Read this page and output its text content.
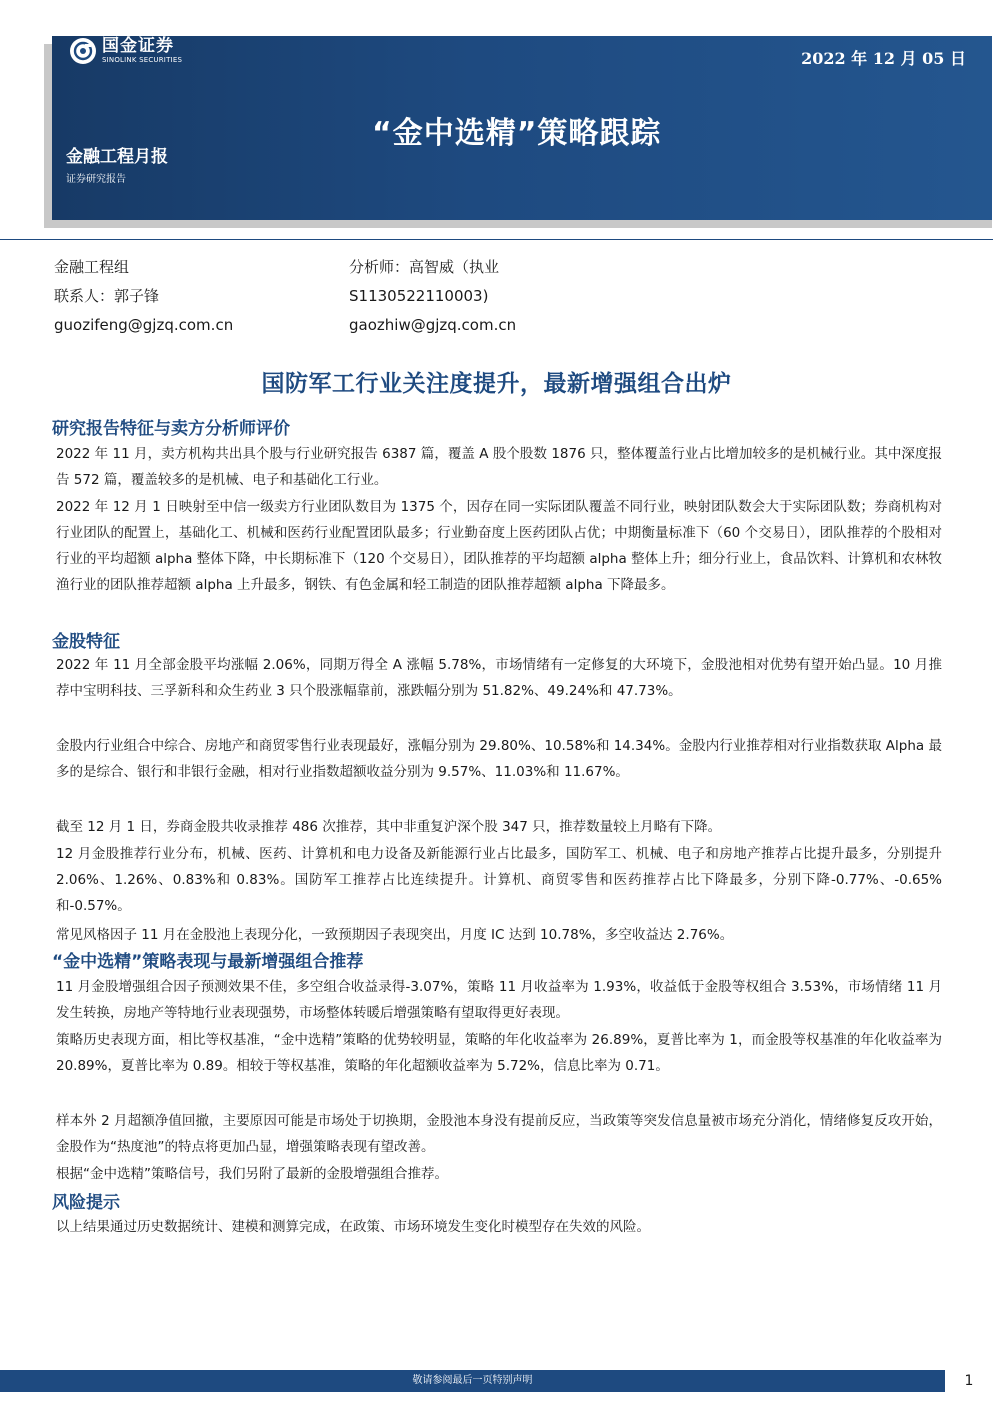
国金证券
SINOLINK SECURITIES	2022 年 12 月 05 日
“金中选精”策略跟踪
金融工程月报
证券研究报告
金融工程组
联系人：郭子锋
guozifeng@gjzq.com.cn
分析师：高智威（执业
S1130522110003)
gaozhiw@gjzq.com.cn
国防军工行业关注度提升，最新增强组合出炉
研究报告特征与卖方分析师评价
2022 年 11 月，卖方机构共出具个股与行业研究报告 6387 篇，覆盖 A 股个股数 1876 只，整体覆盖行业占比增加较多的是机械行业。其中深度报告 572 篇，覆盖较多的是机械、电子和基础化工行业。
2022 年 12 月 1 日映射至中信一级卖方行业团队数目为 1375 个，因存在同一实际团队覆盖不同行业，映射团队数会大于实际团队数；券商机构对行业团队的配置上，基础化工、机械和医药行业配置团队最多；行业勤奋度上医药团队占优；中期衡量标准下（60 个交易日），团队推荐的个股相对行业的平均超额 alpha 整体下降，中长期标准下（120 个交易日），团队推荐的平均超额 alpha 整体上升；细分行业上，食品饮料、计算机和农林牧渔行业的团队推荐超额 alpha 上升最多，钢铁、有色金属和轻工制造的团队推荐超额 alpha 下降最多。
金股特征
2022 年 11 月全部金股平均涨幅 2.06%，同期万得全 A 涨幅 5.78%，市场情绪有一定修复的大环境下，金股池相对优势有望开始凸显。10 月推荐中宝明科技、三孚新科和众生药业 3 只个股涨幅靠前，涨跌幅分别为 51.82%、49.24%和 47.73%。
金股内行业组合中综合、房地产和商贸零售行业表现最好，涨幅分别为 29.80%、10.58%和 14.34%。金股内行业推荐相对行业指数获取 Alpha 最多的是综合、银行和非银行金融，相对行业指数超额收益分别为 9.57%、11.03%和 11.67%。
截至 12 月 1 日，券商金股共收录推荐 486 次推荐，其中非重复沪深个股 347 只，推荐数量较上月略有下降。
12 月金股推荐行业分布，机械、医药、计算机和电力设备及新能源行业占比最多，国防军工、机械、电子和房地产推荐占比提升最多，分别提升 2.06%、1.26%、0.83%和 0.83%。国防军工推荐占比连续提升。计算机、商贸零售和医药推荐占比下降最多，分别下降-0.77%、-0.65%和-0.57%。
常见风格因子 11 月在金股池上表现分化，一致预期因子表现突出，月度 IC 达到 10.78%，多空收益达 2.76%。
“金中选精”策略表现与最新增强组合推荐
11 月金股增强组合因子预测效果不佳，多空组合收益录得-3.07%，策略 11 月收益率为 1.93%，收益低于金股等权组合 3.53%，市场情绪 11 月发生转换，房地产等特地行业表现强势，市场整体转暖后增强策略有望取得更好表现。
策略历史表现方面，相比等权基准，“金中选精”策略的优势较明显，策略的年化收益率为 26.89%，夏普比率为 1，而金股等权基准的年化收益率为 20.89%，夏普比率为 0.89。相较于等权基准，策略的年化超额收益率为 5.72%，信息比率为 0.71。
样本外 2 月超额净值回撤，主要原因可能是市场处于切换期，金股池本身没有提前反应，当政策等突发信息量被市场充分消化，情绪修复反攻开始，金股作为“热度池”的特点将更加凸显，增强策略表现有望改善。
根据“金中选精”策略信号，我们另附了最新的金股增强组合推荐。
风险提示
以上结果通过历史数据统计、建模和测算完成，在政策、市场环境发生变化时模型存在失效的风险。
敬请参阅最后一页特别声明	1
